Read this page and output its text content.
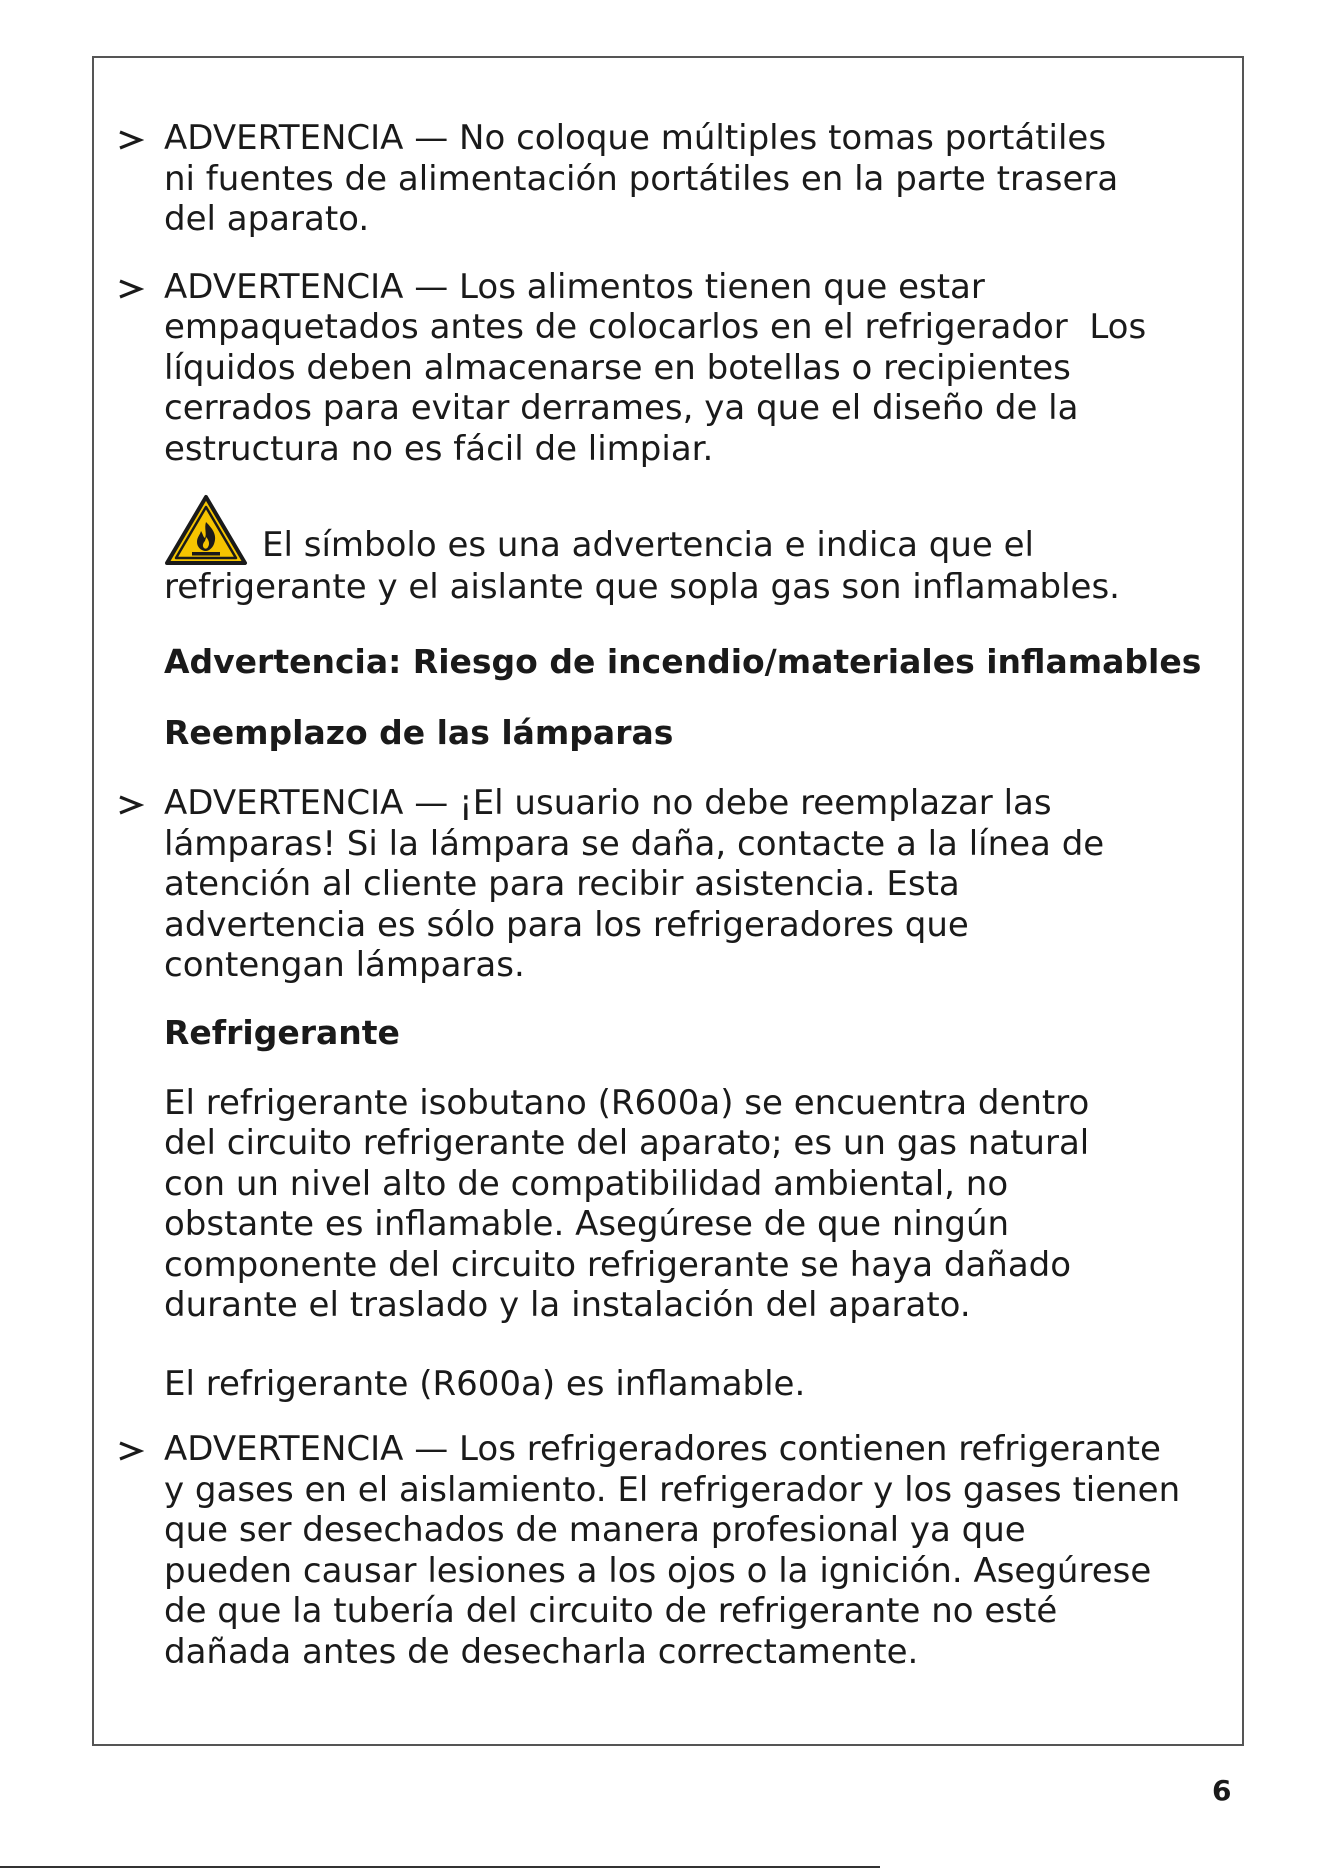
ADVERTENCIA — No coloque múltiples tomas portátiles
ni fuentes de alimentación portátiles en la parte trasera
del aparato.
ADVERTENCIA — Los alimentos tienen que estar
empaquetados antes de colocarlos en el refrigerador  Los
líquidos deben almacenarse en botellas o recipientes
cerrados para evitar derrames, ya que el diseño de la
estructura no es fácil de limpiar.
El símbolo es una advertencia e indica que el
refrigerante y el aislante que sopla gas son inflamables.
Advertencia: Riesgo de incendio/materiales inflamables
Reemplazo de las lámparas
ADVERTENCIA — ¡El usuario no debe reemplazar las
lámparas! Si la lámpara se daña, contacte a la línea de
atención al cliente para recibir asistencia. Esta
advertencia es sólo para los refrigeradores que
contengan lámparas.
Refrigerante
El refrigerante isobutano (R600a) se encuentra dentro
del circuito refrigerante del aparato; es un gas natural
con un nivel alto de compatibilidad ambiental, no
obstante es inflamable. Asegúrese de que ningún
componente del circuito refrigerante se haya dañado
durante el traslado y la instalación del aparato.
El refrigerante (R600a) es inflamable.
ADVERTENCIA — Los refrigeradores contienen refrigerante
y gases en el aislamiento. El refrigerador y los gases tienen
que ser desechados de manera profesional ya que
pueden causar lesiones a los ojos o la ignición. Asegúrese
de que la tubería del circuito de refrigerante no esté
dañada antes de desecharla correctamente.
6
